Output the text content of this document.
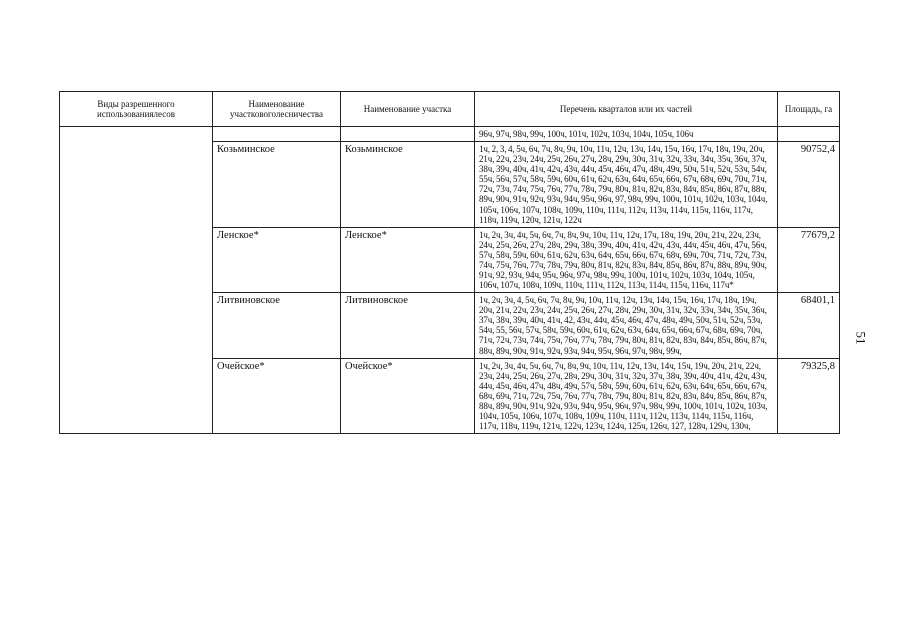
51
Виды разрешенного использованиялесов	Наименование участковоголесничества	Наименование участка	Перечень кварталов или их частей	Площадь, га
			96ч, 97ч, 98ч, 99ч, 100ч, 101ч, 102ч, 103ч, 104ч, 105ч, 106ч	
	Козьминское	Козьминское	1ч, 2, 3, 4, 5ч, 6ч, 7ч, 8ч, 9ч, 10ч, 11ч, 12ч, 13ч, 14ч, 15ч, 16ч, 17ч, 18ч, 19ч, 20ч, 21ч, 22ч, 23ч, 24ч, 25ч, 26ч, 27ч, 28ч, 29ч, 30ч, 31ч, 32ч, 33ч, 34ч, 35ч, 36ч, 37ч, 38ч, 39ч, 40ч, 41ч, 42ч, 43ч, 44ч, 45ч, 46ч, 47ч, 48ч, 49ч, 50ч, 51ч, 52ч, 53ч, 54ч, 55ч, 56ч, 57ч, 58ч, 59ч, 60ч, 61ч, 62ч, 63ч, 64ч, 65ч, 66ч, 67ч, 68ч, 69ч, 70ч, 71ч, 72ч, 73ч, 74ч, 75ч, 76ч, 77ч, 78ч, 79ч, 80ч, 81ч, 82ч, 83ч, 84ч, 85ч, 86ч, 87ч, 88ч, 89ч, 90ч, 91ч, 92ч, 93ч, 94ч, 95ч, 96ч, 97, 98ч, 99ч, 100ч, 101ч, 102ч, 103ч, 104ч, 105ч, 106ч, 107ч, 108ч, 109ч, 110ч, 111ч, 112ч, 113ч, 114ч, 115ч, 116ч, 117ч, 118ч, 119ч, 120ч, 121ч, 122ч	90752,4
	Ленское*	Ленское*	1ч, 2ч, 3ч, 4ч, 5ч, 6ч, 7ч, 8ч, 9ч, 10ч, 11ч, 12ч, 17ч, 18ч, 19ч, 20ч, 21ч, 22ч, 23ч, 24ч, 25ч, 26ч, 27ч, 28ч, 29ч, 38ч, 39ч, 40ч, 41ч, 42ч, 43ч, 44ч, 45ч, 46ч, 47ч, 56ч, 57ч, 58ч, 59ч, 60ч, 61ч, 62ч, 63ч, 64ч, 65ч, 66ч, 67ч, 68ч, 69ч, 70ч, 71ч, 72ч, 73ч, 74ч, 75ч, 76ч, 77ч, 78ч, 79ч, 80ч, 81ч, 82ч, 83ч, 84ч, 85ч, 86ч, 87ч, 88ч, 89ч, 90ч, 91ч, 92, 93ч, 94ч, 95ч, 96ч, 97ч, 98ч, 99ч, 100ч, 101ч, 102ч, 103ч, 104ч, 105ч, 106ч, 107ч, 108ч, 109ч, 110ч, 111ч, 112ч, 113ч, 114ч, 115ч, 116ч, 117ч*	77679,2
	Литвиновское	Литвиновское	1ч, 2ч, 3ч, 4, 5ч, 6ч, 7ч, 8ч, 9ч, 10ч, 11ч, 12ч, 13ч, 14ч, 15ч, 16ч, 17ч, 18ч, 19ч, 20ч, 21ч, 22ч, 23ч, 24ч, 25ч, 26ч, 27ч, 28ч, 29ч, 30ч, 31ч, 32ч, 33ч, 34ч, 35ч, 36ч, 37ч, 38ч, 39ч, 40ч, 41ч, 42, 43ч, 44ч, 45ч, 46ч, 47ч, 48ч, 49ч, 50ч, 51ч, 52ч, 53ч, 54ч, 55, 56ч, 57ч, 58ч, 59ч, 60ч, 61ч, 62ч, 63ч, 64ч, 65ч, 66ч, 67ч, 68ч, 69ч, 70ч, 71ч, 72ч, 73ч, 74ч, 75ч, 76ч, 77ч, 78ч, 79ч, 80ч, 81ч, 82ч, 83ч, 84ч, 85ч, 86ч, 87ч, 88ч, 89ч, 90ч, 91ч, 92ч, 93ч, 94ч, 95ч, 96ч, 97ч, 98ч, 99ч,	68401,1
	Очейское*	Очейское*	1ч, 2ч, 3ч, 4ч, 5ч, 6ч, 7ч, 8ч, 9ч, 10ч, 11ч, 12ч, 13ч, 14ч, 15ч, 19ч, 20ч, 21ч, 22ч, 23ч, 24ч, 25ч, 26ч, 27ч, 28ч, 29ч, 30ч, 31ч, 32ч, 37ч, 38ч, 39ч, 40ч, 41ч, 42ч, 43ч, 44ч, 45ч, 46ч, 47ч, 48ч, 49ч, 57ч, 58ч, 59ч, 60ч, 61ч, 62ч, 63ч, 64ч, 65ч, 66ч, 67ч, 68ч, 69ч, 71ч, 72ч, 75ч, 76ч, 77ч, 78ч, 79ч, 80ч, 81ч, 82ч, 83ч, 84ч, 85ч, 86ч, 87ч, 88ч, 89ч, 90ч, 91ч, 92ч, 93ч, 94ч, 95ч, 96ч, 97ч, 98ч, 99ч, 100ч, 101ч, 102ч, 103ч, 104ч, 105ч, 106ч, 107ч, 108ч, 109ч, 110ч, 111ч, 112ч, 113ч, 114ч, 115ч, 116ч, 117ч, 118ч, 119ч, 121ч, 122ч, 123ч, 124ч, 125ч, 126ч, 127, 128ч, 129ч, 130ч,	79325,8
